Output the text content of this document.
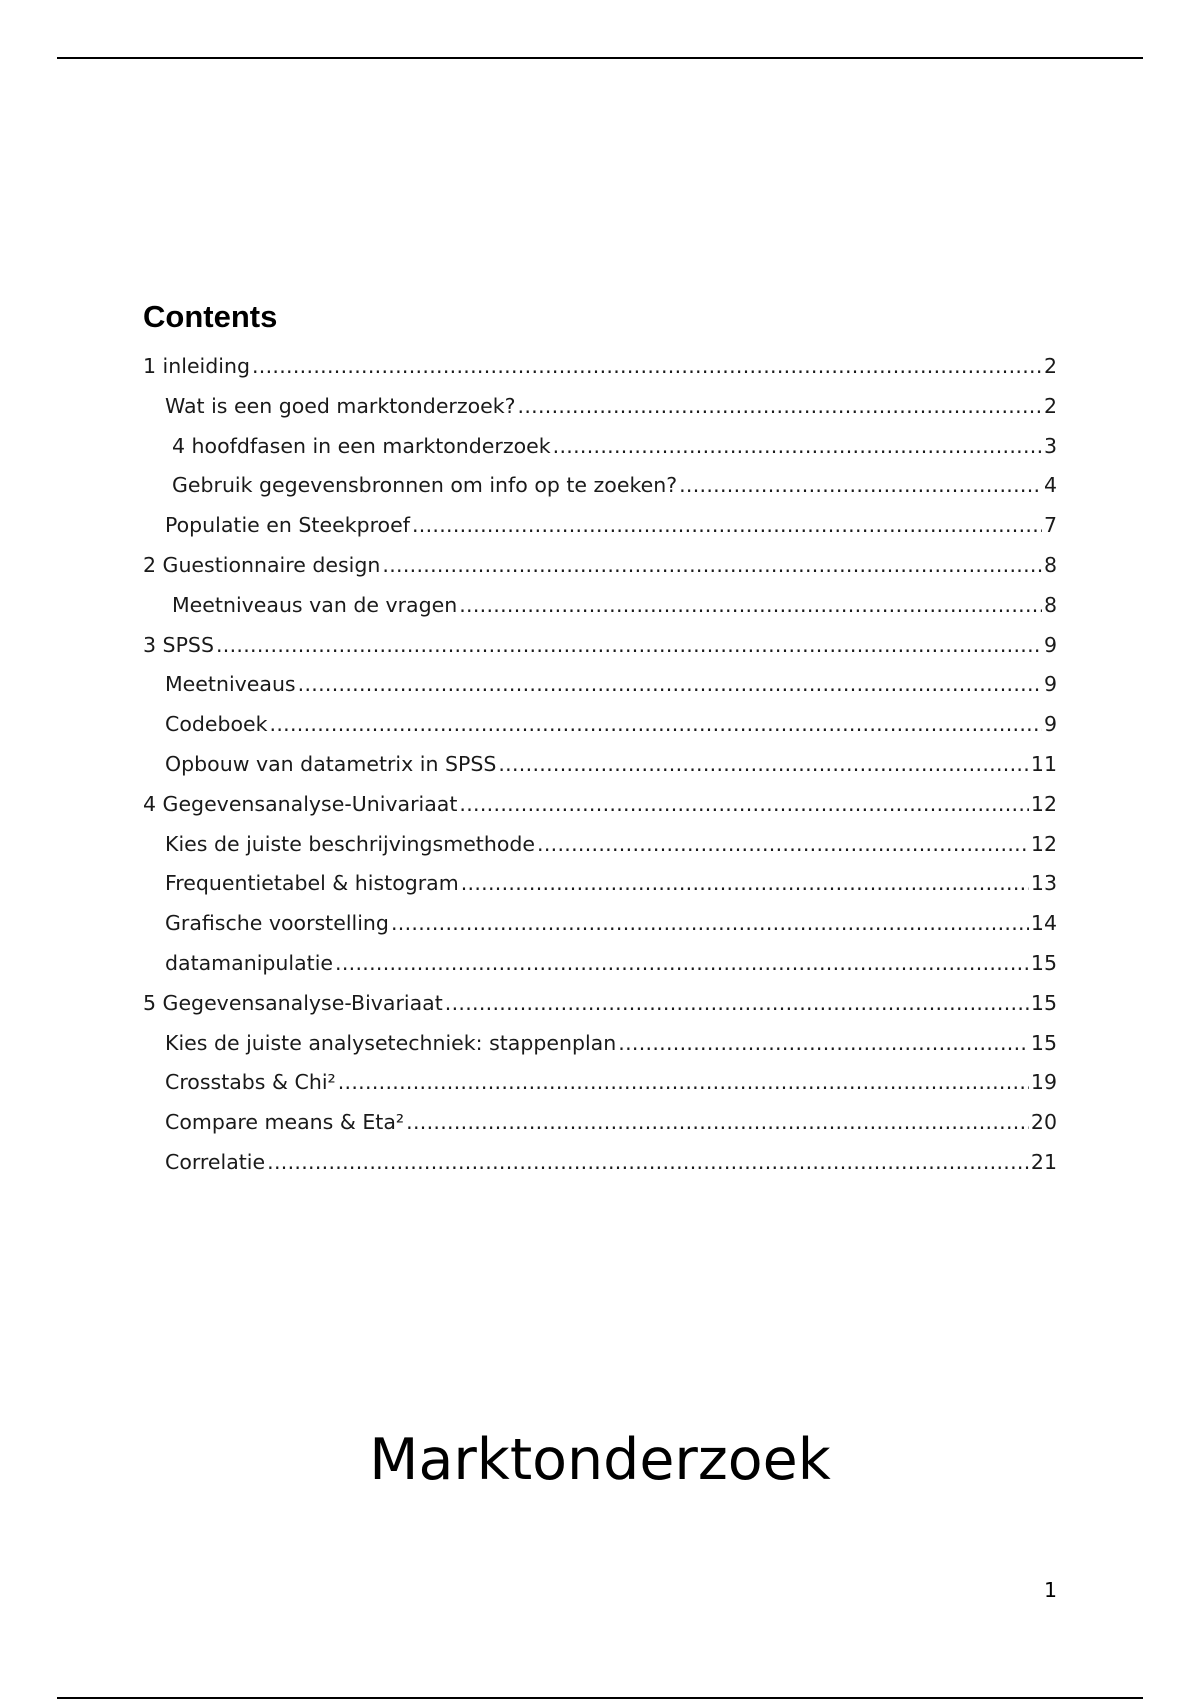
Contents
1 inleiding .....	2
Wat is een goed marktonderzoek? .....	2
4 hoofdfasen in een marktonderzoek .....	3
Gebruik gegevensbronnen om info op te zoeken? .....	4
Populatie en Steekproef .....	7
2 Guestionnaire design .....	8
Meetniveaus van de vragen .....	8
3 SPSS .....	9
Meetniveaus .....	9
Codeboek .....	9
Opbouw van datametrix in SPSS .....	11
4 Gegevensanalyse-Univariaat .....	12
Kies de juiste beschrijvingsmethode .....	12
Frequentietabel & histogram .....	13
Grafische voorstelling .....	14
datamanipulatie .....	15
5 Gegevensanalyse-Bivariaat .....	15
Kies de juiste analysetechniek: stappenplan .....	15
Crosstabs & Chi² .....	19
Compare means & Eta² .....	20
Correlatie .....	21
Marktonderzoek
1
